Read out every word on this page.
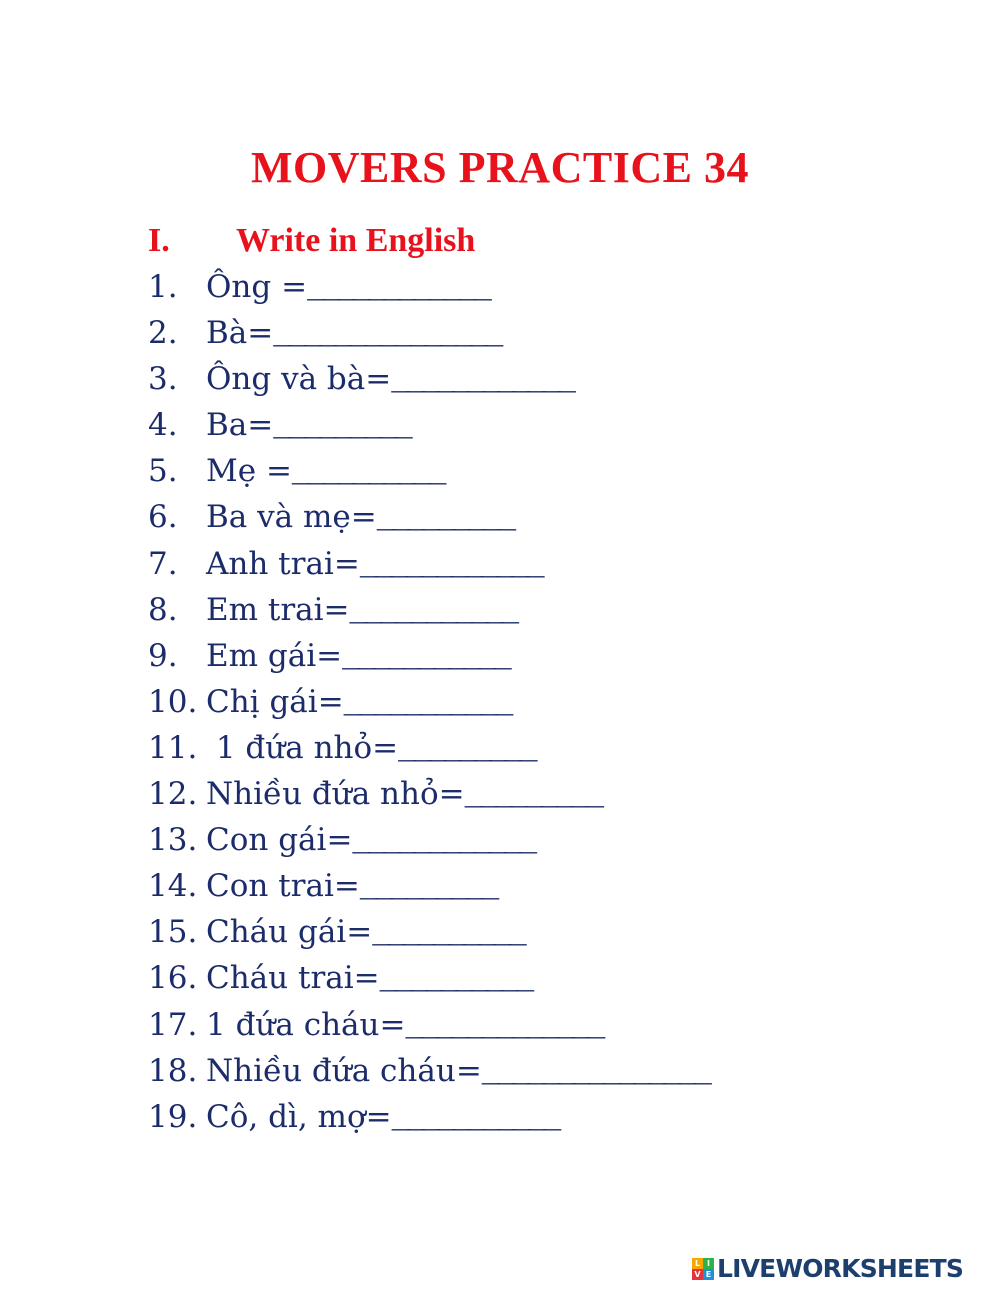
MOVERS PRACTICE 34
I. Write in English
1. Ông =____________
2. Bà=_______________
3. Ông và bà=____________
4. Ba=_________
5. Mẹ =__________
6. Ba và mẹ=_________
7. Anh trai=____________
8. Em trai=___________
9. Em gái=___________
10. Chị gái=___________
11. 1 đứa nhỏ=_________
12. Nhiều đứa nhỏ=_________
13. Con gái=____________
14. Con trai=_________
15. Cháu gái=__________
16. Cháu trai=__________
17. 1 đứa cháu=_____________
18. Nhiều đứa cháu=_______________
19. Cô, dì, mợ=___________
L I
V E LIVEWORKSHEETS
